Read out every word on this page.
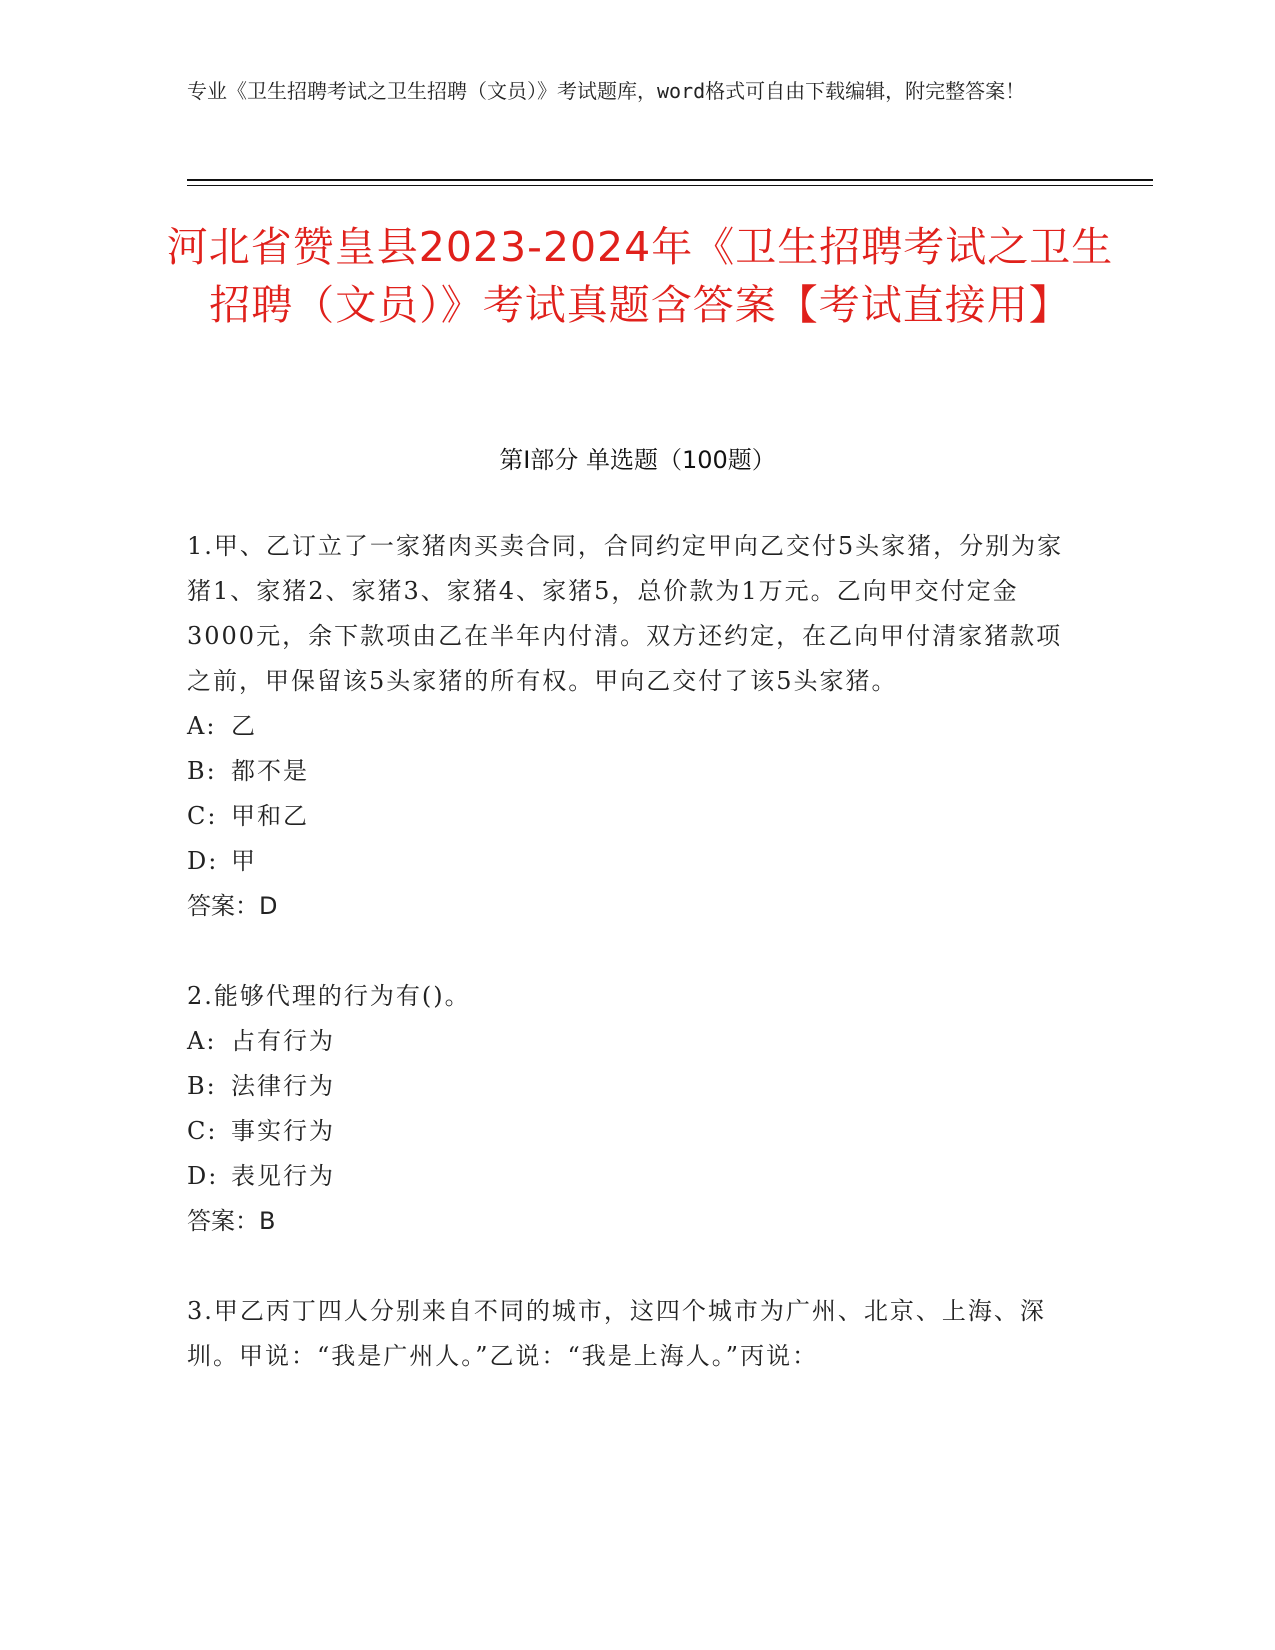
专业《卫生招聘考试之卫生招聘（文员）》考试题库，word格式可自由下载编辑，附完整答案！
河北省赞皇县2023-2024年《卫生招聘考试之卫生招聘（文员）》考试真题含答案【考试直接用】
第Ⅰ部分 单选题（100题）
1.甲、乙订立了一家猪肉买卖合同，合同约定甲向乙交付5头家猪，分别为家猪1、家猪2、家猪3、家猪4、家猪5，总价款为1万元。乙向甲交付定金3000元，余下款项由乙在半年内付清。双方还约定，在乙向甲付清家猪款项之前，甲保留该5头家猪的所有权。甲向乙交付了该5头家猪。
A: 乙
B: 都不是
C: 甲和乙
D: 甲
答案：D
2.能够代理的行为有()。
A: 占有行为
B: 法律行为
C: 事实行为
D: 表见行为
答案：B
3.甲乙丙丁四人分别来自不同的城市，这四个城市为广州、北京、上海、深圳。甲说：“我是广州人。”乙说：“我是上海人。”丙说：
